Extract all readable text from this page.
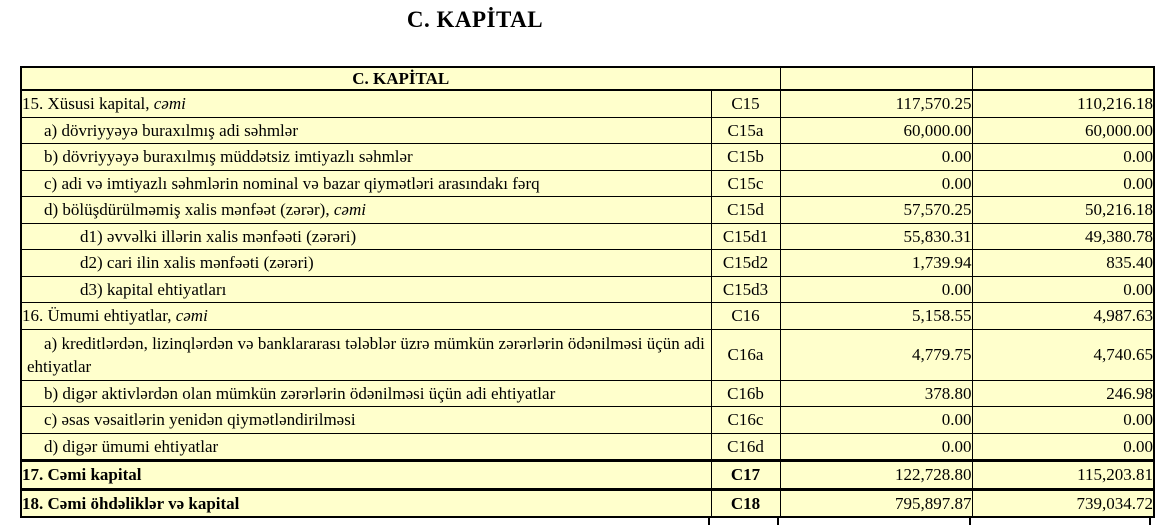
C. KAPİTAL
C. KAPİTAL			
15. Xüsusi kapital, cəmi	C15	117,570.25	110,216.18
a) dövriyyəyə buraxılmış adi səhmlər	C15a	60,000.00	60,000.00
b) dövriyyəyə buraxılmış müddətsiz imtiyazlı səhmlər	C15b	0.00	0.00
c) adi və imtiyazlı səhmlərin nominal və bazar qiymətləri arasındakı fərq	C15c	0.00	0.00
d) bölüşdürülməmiş xalis mənfəət (zərər), cəmi	C15d	57,570.25	50,216.18
d1) əvvəlki illərin xalis mənfəəti (zərəri)	C15d1	55,830.31	49,380.78
d2) cari ilin xalis mənfəəti (zərəri)	C15d2	1,739.94	835.40
d3) kapital ehtiyatları	C15d3	0.00	0.00
16. Ümumi ehtiyatlar, cəmi	C16	5,158.55	4,987.63
a) kreditlərdən, lizinqlərdən və banklararası tələblər üzrə mümkün zərərlərin ödənilməsi üçün adi ehtiyatlar	C16a	4,779.75	4,740.65
b) digər aktivlərdən olan mümkün zərərlərin ödənilməsi üçün adi ehtiyatlar	C16b	378.80	246.98
c) əsas vəsaitlərin yenidən qiymətləndirilməsi	C16c	0.00	0.00
d) digər ümumi ehtiyatlar	C16d	0.00	0.00
17. Cəmi kapital	C17	122,728.80	115,203.81
18. Cəmi öhdəliklər və kapital	C18	795,897.87	739,034.72
